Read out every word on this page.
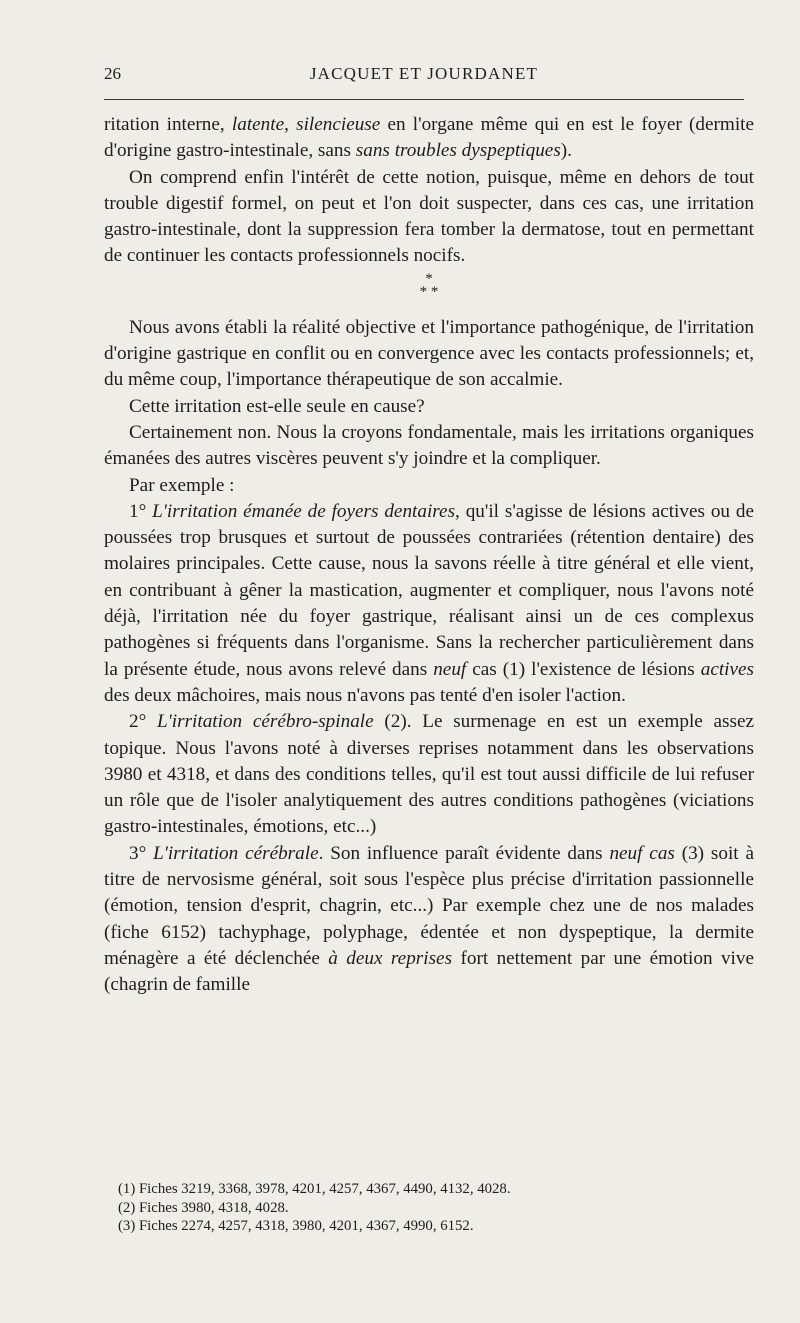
26	JACQUET ET JOURDANET

ritation interne, latente, silencieuse en l'organe même qui en est le foyer (dermite d'origine gastro-intestinale, sans sans troubles dyspeptiques).

On comprend enfin l'intérêt de cette notion, puisque, même en dehors de tout trouble digestif formel, on peut et l'on doit suspecter, dans ces cas, une irritation gastro-intestinale, dont la suppression fera tomber la dermatose, tout en permettant de continuer les contacts professionnels nocifs.

*
* *

Nous avons établi la réalité objective et l'importance pathogénique, de l'irritation d'origine gastrique en conflit ou en convergence avec les contacts professionnels; et, du même coup, l'importance thérapeutique de son accalmie.

Cette irritation est-elle seule en cause?

Certainement non. Nous la croyons fondamentale, mais les irritations organiques émanées des autres viscères peuvent s'y joindre et la compliquer.

Par exemple :

1° L'irritation émanée de foyers dentaires, qu'il s'agisse de lésions actives ou de poussées trop brusques et surtout de poussées contrariées (rétention dentaire) des molaires principales. Cette cause, nous la savons réelle à titre général et elle vient, en contribuant à gêner la mastication, augmenter et compliquer, nous l'avons noté déjà, l'irritation née du foyer gastrique, réalisant ainsi un de ces complexus pathogènes si fréquents dans l'organisme. Sans la rechercher particulièrement dans la présente étude, nous avons relevé dans neuf cas (1) l'existence de lésions actives des deux mâchoires, mais nous n'avons pas tenté d'en isoler l'action.

2° L'irritation cérébro-spinale (2). Le surmenage en est un exemple assez topique. Nous l'avons noté à diverses reprises notamment dans les observations 3980 et 4318, et dans des conditions telles, qu'il est tout aussi difficile de lui refuser un rôle que de l'isoler analytiquement des autres conditions pathogènes (viciations gastro-intestinales, émotions, etc...)

3° L'irritation cérébrale. Son influence paraît évidente dans neuf cas (3) soit à titre de nervosisme général, soit sous l'espèce plus précise d'irritation passionnelle (émotion, tension d'esprit, chagrin, etc...) Par exemple chez une de nos malades (fiche 6152) tachyphage, polyphage, édentée et non dyspeptique, la dermite ménagère a été déclenchée à deux reprises fort nettement par une émotion vive (chagrin de famille

(1) Fiches 3219, 3368, 3978, 4201, 4257, 4367, 4490, 4132, 4028.

(2) Fiches 3980, 4318, 4028.

(3) Fiches 2274, 4257, 4318, 3980, 4201, 4367, 4990, 6152.
